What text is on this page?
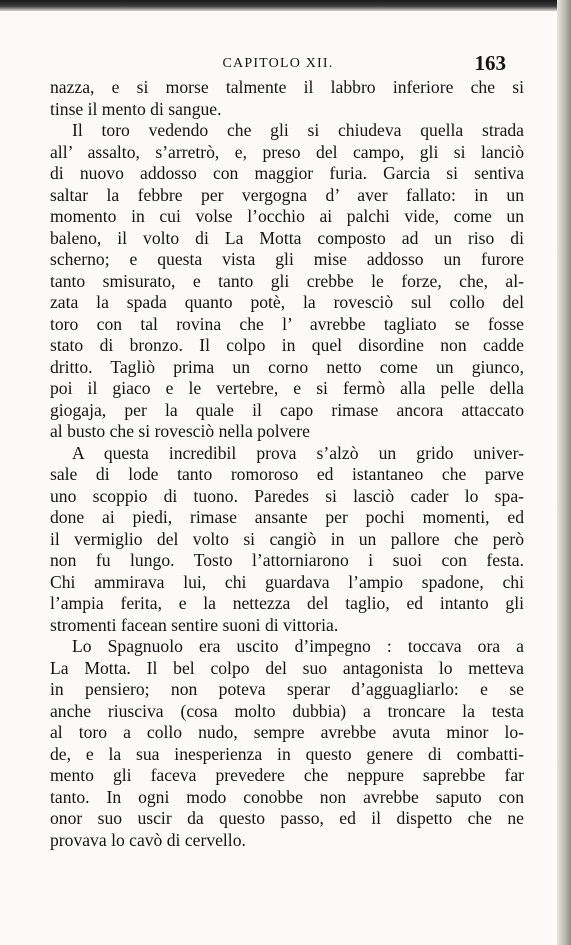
CAPITOLO XII.	163
nazza, e si morse talmente il labbro inferiore che si
tinse il mento di sangue.
Il toro vedendo che gli si chiudeva quella strada
all’ assalto, s’arretrò, e, preso del campo, gli si lanciò
di nuovo addosso con maggior furia. Garcia si sentiva
saltar la febbre per vergogna d’ aver fallato: in un
momento in cui volse l’occhio ai palchi vide, come un
baleno, il volto di La Motta composto ad un riso di
scherno; e questa vista gli mise addosso un furore
tanto smisurato, e tanto gli crebbe le forze, che, al-
zata la spada quanto potè, la rovesciò sul collo del
toro con tal rovina che l’ avrebbe tagliato se fosse
stato di bronzo. Il colpo in quel disordine non cadde
dritto. Tagliò prima un corno netto come un giunco,
poi il giaco e le vertebre, e si fermò alla pelle della
giogaja, per la quale il capo rimase ancora attaccato
al busto che si rovesciò nella polvere
A questa incredibil prova s’alzò un grido univer-
sale di lode tanto romoroso ed istantaneo che parve
uno scoppio di tuono. Paredes si lasciò cader lo spa-
done ai piedi, rimase ansante per pochi momenti, ed
il vermiglio del volto si cangiò in un pallore che però
non fu lungo. Tosto l’attorniarono i suoi con festa.
Chi ammirava lui, chi guardava l’ampio spadone, chi
l’ampia ferita, e la nettezza del taglio, ed intanto gli
stromenti facean sentire suoni di vittoria.
Lo Spagnuolo era uscito d’impegno : toccava ora a
La Motta. Il bel colpo del suo antagonista lo metteva
in pensiero; non poteva sperar d’agguagliarlo: e se
anche riusciva (cosa molto dubbia) a troncare la testa
al toro a collo nudo, sempre avrebbe avuta minor lo-
de, e la sua inesperienza in questo genere di combatti-
mento gli faceva prevedere che neppure saprebbe far
tanto. In ogni modo conobbe non avrebbe saputo con
onor suo uscir da questo passo, ed il dispetto che ne
provava lo cavò di cervello.
